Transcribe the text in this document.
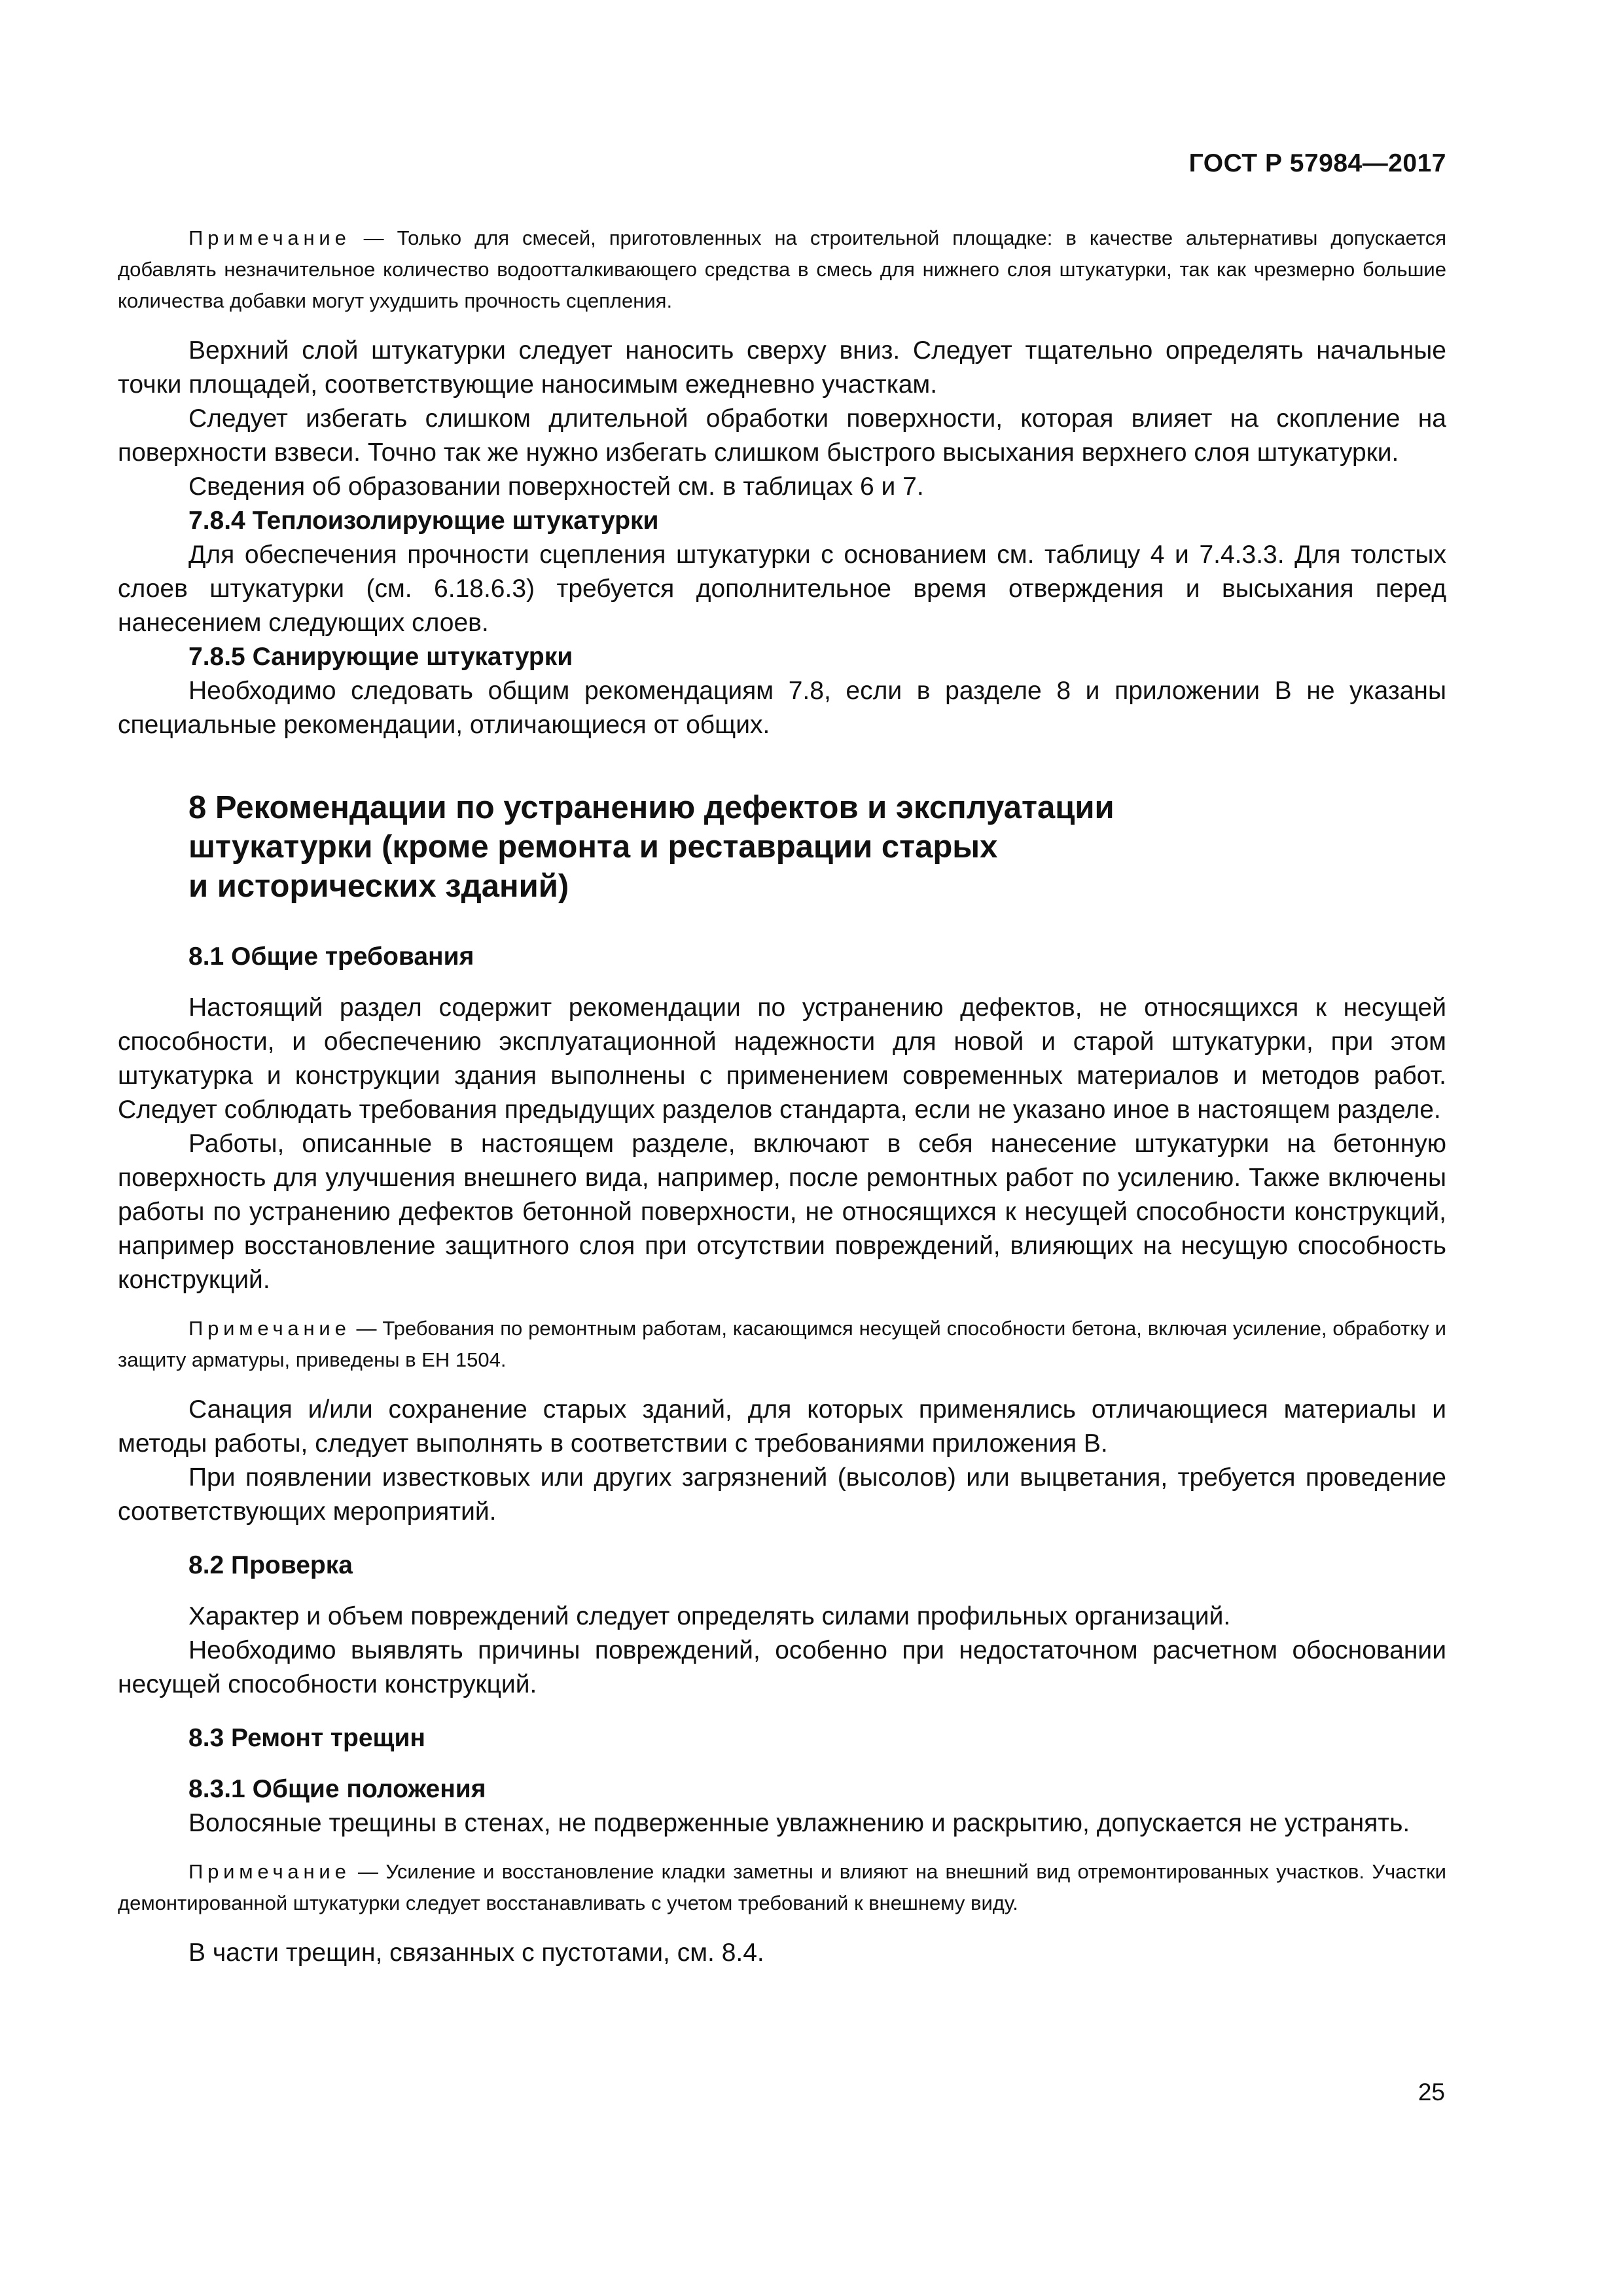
ГОСТ Р 57984—2017

Примечание — Только для смесей, приготовленных на строительной площадке: в качестве альтернативы допускается добавлять незначительное количество водоотталкивающего средства в смесь для нижнего слоя штукатурки, так как чрезмерно большие количества добавки могут ухудшить прочность сцепления.

Верхний слой штукатурки следует наносить сверху вниз. Следует тщательно определять начальные точки площадей, соответствующие наносимым ежедневно участкам.

Следует избегать слишком длительной обработки поверхности, которая влияет на скопление на поверхности взвеси. Точно так же нужно избегать слишком быстрого высыхания верхнего слоя штукатурки.

Сведения об образовании поверхностей см. в таблицах 6 и 7.

7.8.4 Теплоизолирующие штукатурки

Для обеспечения прочности сцепления штукатурки с основанием см. таблицу 4 и 7.4.3.3. Для толстых слоев штукатурки (см. 6.18.6.3) требуется дополнительное время отверждения и высыхания перед нанесением следующих слоев.

7.8.5 Санирующие штукатурки

Необходимо следовать общим рекомендациям 7.8, если в разделе 8 и приложении В не указаны специальные рекомендации, отличающиеся от общих.

8 Рекомендации по устранению дефектов и эксплуатации
штукатурки (кроме ремонта и реставрации старых
и исторических зданий)

8.1 Общие требования

Настоящий раздел содержит рекомендации по устранению дефектов, не относящихся к несущей способности, и обеспечению эксплуатационной надежности для новой и старой штукатурки, при этом штукатурка и конструкции здания выполнены с применением современных материалов и методов работ. Следует соблюдать требования предыдущих разделов стандарта, если не указано иное в настоящем разделе.

Работы, описанные в настоящем разделе, включают в себя нанесение штукатурки на бетонную поверхность для улучшения внешнего вида, например, после ремонтных работ по усилению. Также включены работы по устранению дефектов бетонной поверхности, не относящихся к несущей способности конструкций, например восстановление защитного слоя при отсутствии повреждений, влияющих на несущую способность конструкций.

Примечание — Требования по ремонтным работам, касающимся несущей способности бетона, включая усиление, обработку и защиту арматуры, приведены в ЕН 1504.

Санация и/или сохранение старых зданий, для которых применялись отличающиеся материалы и методы работы, следует выполнять в соответствии с требованиями приложения В.

При появлении известковых или других загрязнений (высолов) или выцветания, требуется проведение соответствующих мероприятий.

8.2 Проверка

Характер и объем повреждений следует определять силами профильных организаций.

Необходимо выявлять причины повреждений, особенно при недостаточном расчетном обосновании несущей способности конструкций.

8.3 Ремонт трещин

8.3.1 Общие положения

Волосяные трещины в стенах, не подверженные увлажнению и раскрытию, допускается не устранять.

Примечание — Усиление и восстановление кладки заметны и влияют на внешний вид отремонтированных участков. Участки демонтированной штукатурки следует восстанавливать с учетом требований к внешнему виду.

В части трещин, связанных с пустотами, см. 8.4.

25
